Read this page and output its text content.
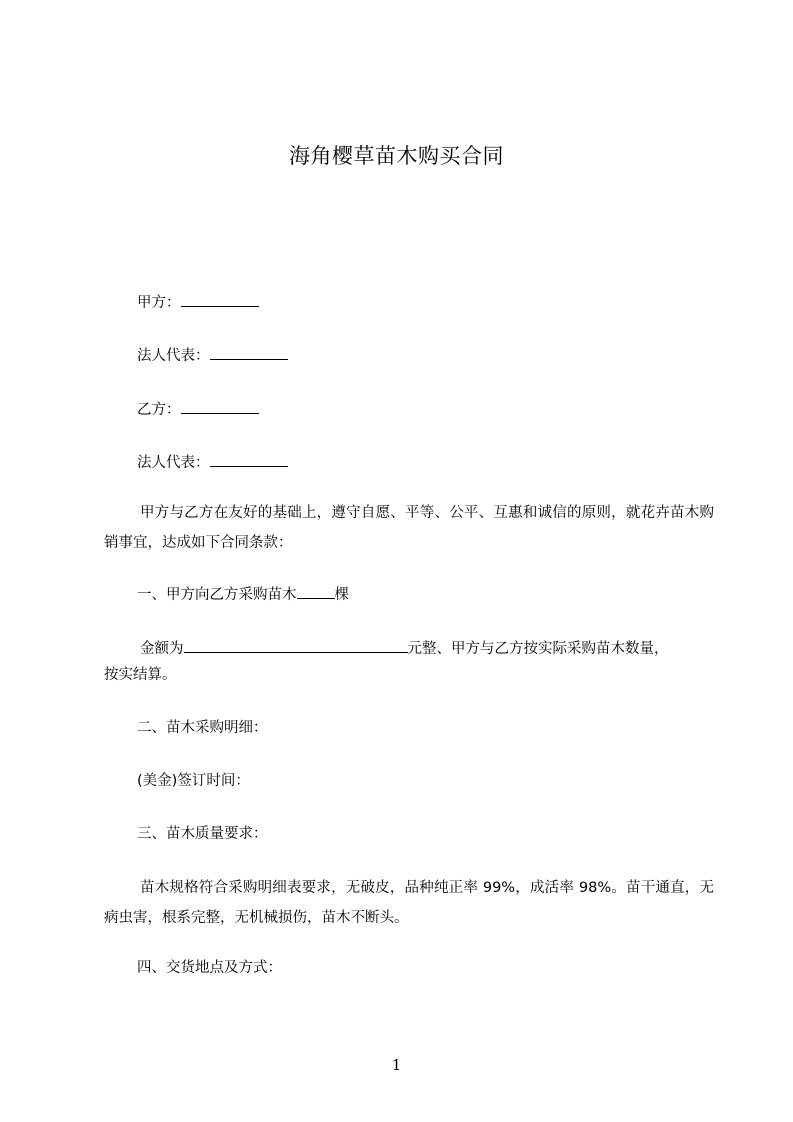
海角樱草苗木购买合同
甲方：
法人代表：
乙方：
法人代表：
甲方与乙方在友好的基础上，遵守自愿、平等、公平、互惠和诚信的原则，就花卉苗木购销事宜，达成如下合同条款：
一、甲方向乙方采购苗木	棵
金额为	元整、甲方与乙方按实际采购苗木数量，
按实结算。
二、苗木采购明细：
(美金)签订时间：
三、苗木质量要求：
苗木规格符合采购明细表要求，无破皮，品种纯正率 99%，成活率 98%。苗干通直，无病虫害，根系完整，无机械损伤，苗木不断头。
四、交货地点及方式：
1
